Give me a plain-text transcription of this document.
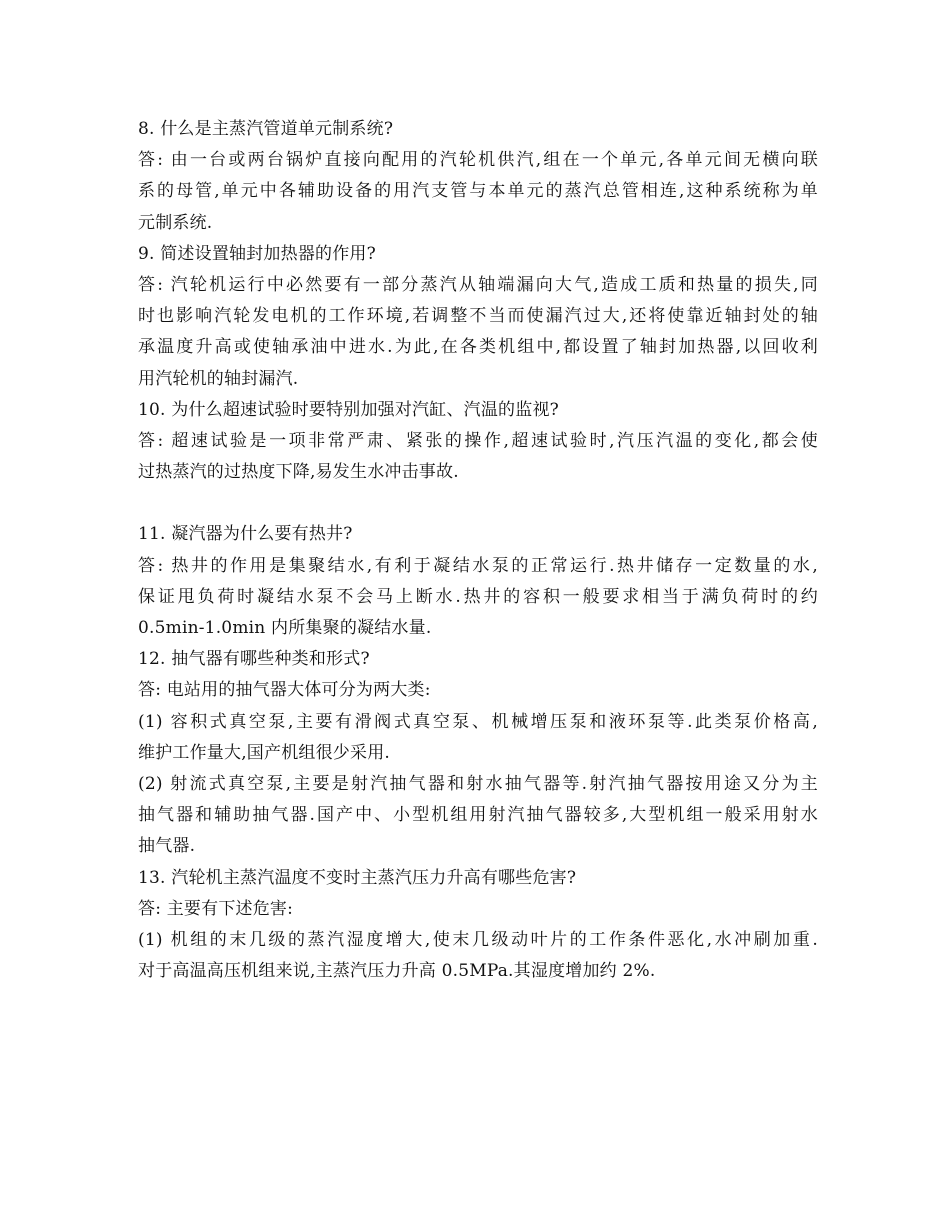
8. 什么是主蒸汽管道单元制系统?
答: 由一台或两台锅炉直接向配用的汽轮机供汽,组在一个单元,各单元间无横向联
系的母管,单元中各辅助设备的用汽支管与本单元的蒸汽总管相连,这种系统称为单
元制系统.
9. 简述设置轴封加热器的作用?
答: 汽轮机运行中必然要有一部分蒸汽从轴端漏向大气,造成工质和热量的损失,同
时也影响汽轮发电机的工作环境,若调整不当而使漏汽过大,还将使靠近轴封处的轴
承温度升高或使轴承油中进水.为此,在各类机组中,都设置了轴封加热器,以回收利
用汽轮机的轴封漏汽.
10. 为什么超速试验时要特别加强对汽缸、汽温的监视?
答: 超速试验是一项非常严肃、紧张的操作,超速试验时,汽压汽温的变化,都会使
过热蒸汽的过热度下降,易发生水冲击事故.
11. 凝汽器为什么要有热井?
答: 热井的作用是集聚结水,有利于凝结水泵的正常运行.热井储存一定数量的水,
保证甩负荷时凝结水泵不会马上断水.热井的容积一般要求相当于满负荷时的约
0.5min-1.0min 内所集聚的凝结水量.
12. 抽气器有哪些种类和形式?
答: 电站用的抽气器大体可分为两大类:
(1) 容积式真空泵,主要有滑阀式真空泵、机械增压泵和液环泵等.此类泵价格高,
维护工作量大,国产机组很少采用.
(2) 射流式真空泵,主要是射汽抽气器和射水抽气器等.射汽抽气器按用途又分为主
抽气器和辅助抽气器.国产中、小型机组用射汽抽气器较多,大型机组一般采用射水
抽气器.
13. 汽轮机主蒸汽温度不变时主蒸汽压力升高有哪些危害?
答: 主要有下述危害:
(1) 机组的末几级的蒸汽湿度增大,使末几级动叶片的工作条件恶化,水冲刷加重.
对于高温高压机组来说,主蒸汽压力升高 0.5MPa.其湿度增加约 2%.
